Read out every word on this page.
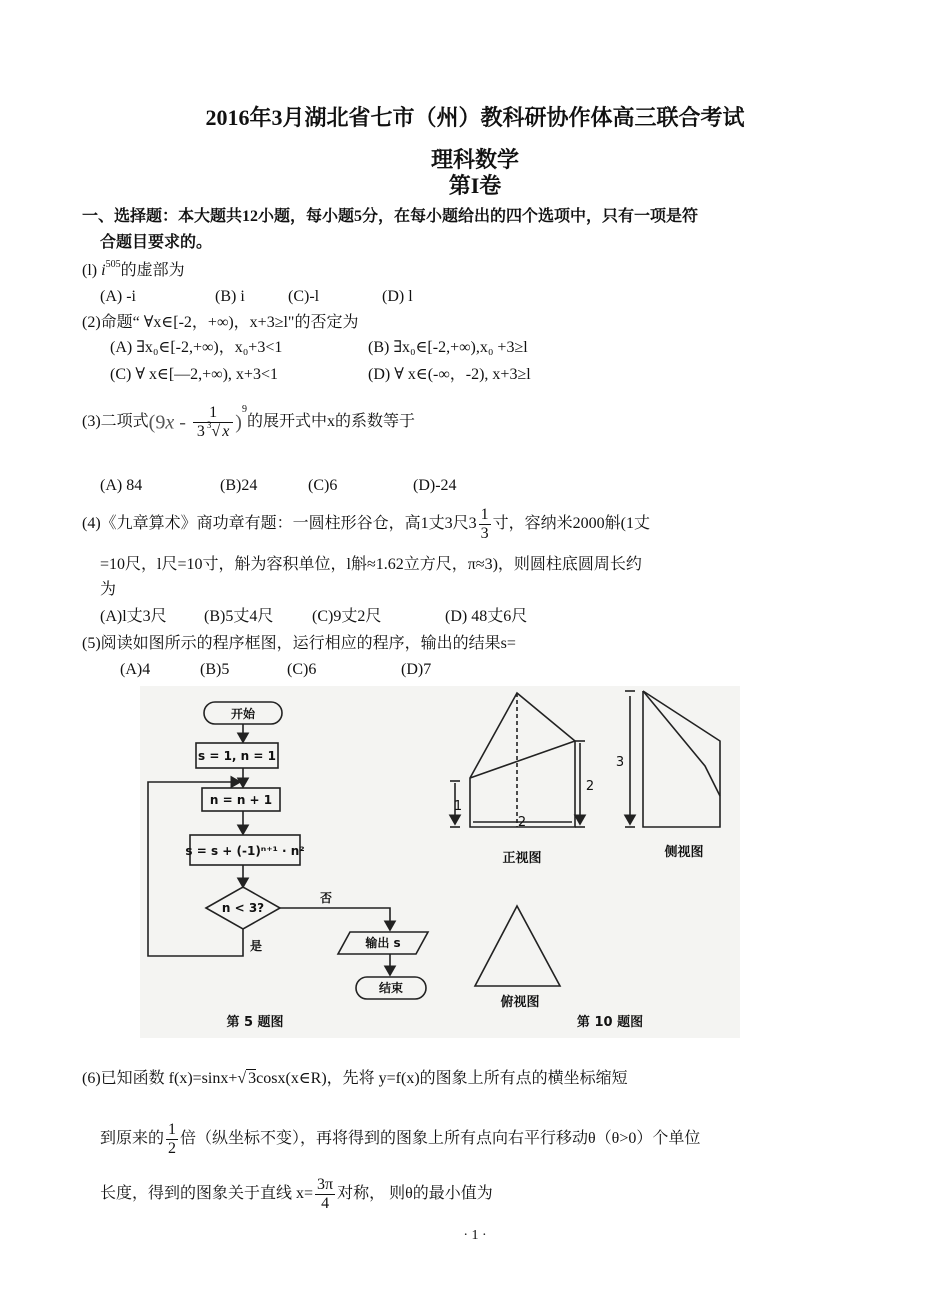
2016年3月湖北省七市（州）教科研协作体高三联合考试
理科数学
第I卷
一、选择题：本大题共12小题，每小题5分，在每小题给出的四个选项中，只有一项是符
合题目要求的。
(l) $i^{505}$的虚部为
(A) -i	(B) i	(C)-l	(D) l
(2)命题“ ∀x∈[-2，+∞)，x+3≥l"的否定为
(A) ∃x₀∈[-2,+∞)，x₀+3<1	(B) ∃x₀∈[-2,+∞),x₀ +3≥l
(C) ∀ x∈[—2,+∞), x+3<1	(D) ∀ x∈(-∞，-2), x+3≥l
(3)二项式$(9x - \frac{1}{3 ^3√ x} )^9$的展开式中x的系数等于
(A) 84	(B)24	(C)6	(D)-24
(4)《九章算术》商功章有题：一圆柱形谷仓，高1丈3尺$3 \frac{1}{3}$ 寸，容纳米2000斛(1丈
=10尺，l尺=10寸，斛为容积单位，l斛≈1.62立方尺，π≈3)，则圆柱底圆周长约
为
(A)l丈3尺 (B)5丈4尺 (C)9丈2尺	(D) 48丈6尺
(5)阅读如图所示的程序框图，运行相应的程序，输出的结果s=
(A)4	(B)5	(C)6	(D)7
开始
s = 1, n = 1
n = n + 1
s = s + (-1)ⁿ⁺¹ · n²
n < 3?
否
是	输出 s
结束
第 5 题图
1
2
2
正视图
3
侧视图
俯视图
第 10 题图
(6)已知函数 f(x)=sinx+√ 3cosx(x∈R)，先将 y=f(x)的图象上所有点的横坐标缩短
到原来的 $\frac{1}{2}$ 倍（纵坐标不变），再将得到的图象上所有点向右平行移动θ（θ>0）个单位
长度，得到的图象关于直线 $x= \frac{3\pi}{4}$ 对称， 则θ的最小值为
· 1 ·
